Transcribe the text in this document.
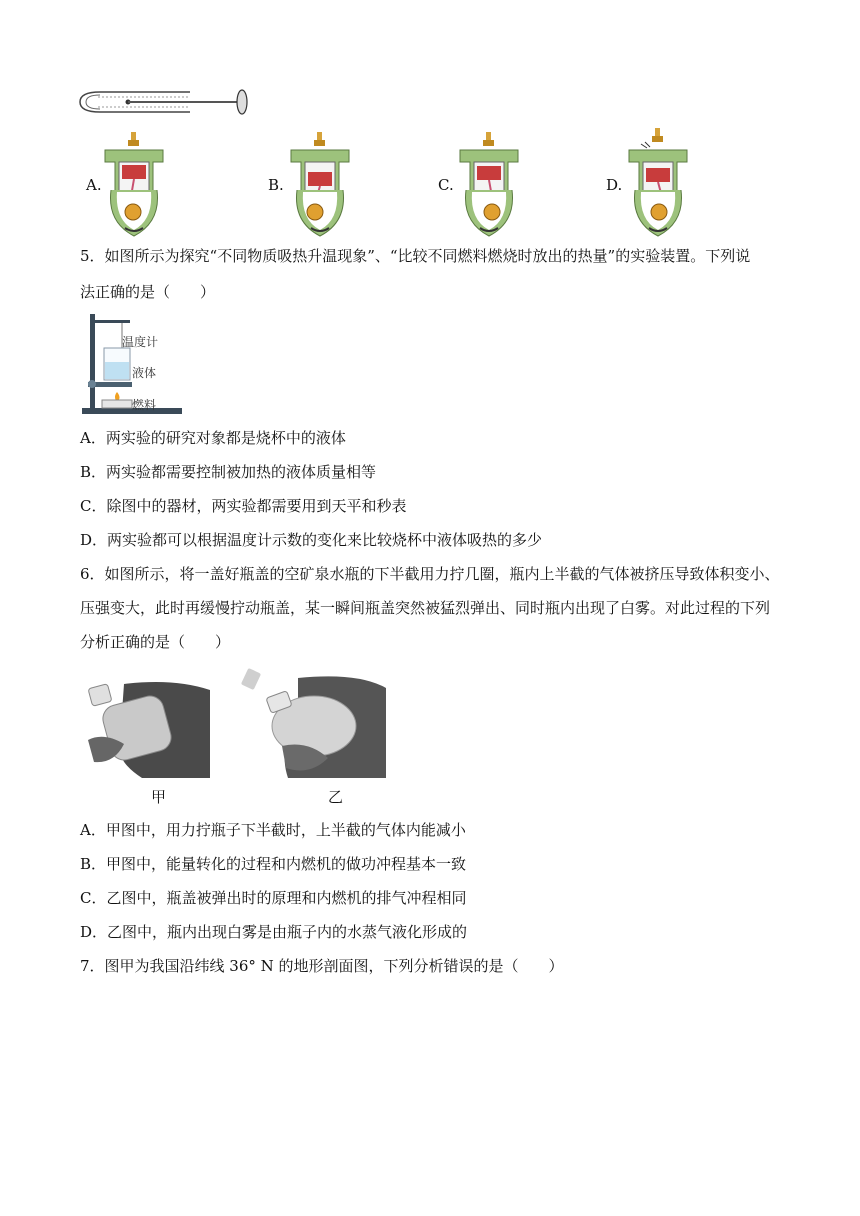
A.	B.	C.	D.
5．如图所示为探究“不同物质吸热升温现象”、“比较不同燃料燃烧时放出的热量”的实验装置。下列说
法正确的是（　　）
温度计
液体
燃料
A．两实验的研究对象都是烧杯中的液体
B．两实验都需要控制被加热的液体质量相等
C．除图中的器材，两实验都需要用到天平和秒表
D．两实验都可以根据温度计示数的变化来比较烧杯中液体吸热的多少
6．如图所示，将一盖好瓶盖的空矿泉水瓶的下半截用力拧几圈，瓶内上半截的气体被挤压导致体积变小、
压强变大，此时再缓慢拧动瓶盖，某一瞬间瓶盖突然被猛烈弹出、同时瓶内出现了白雾。对此过程的下列
分析正确的是（　　）
甲	乙
A．甲图中，用力拧瓶子下半截时，上半截的气体内能减小
B．甲图中，能量转化的过程和内燃机的做功冲程基本一致
C．乙图中，瓶盖被弹出时的原理和内燃机的排气冲程相同
D．乙图中，瓶内出现白雾是由瓶子内的水蒸气液化形成的
7．图甲为我国沿纬线 36° N 的地形剖面图，下列分析错误的是（　　）
